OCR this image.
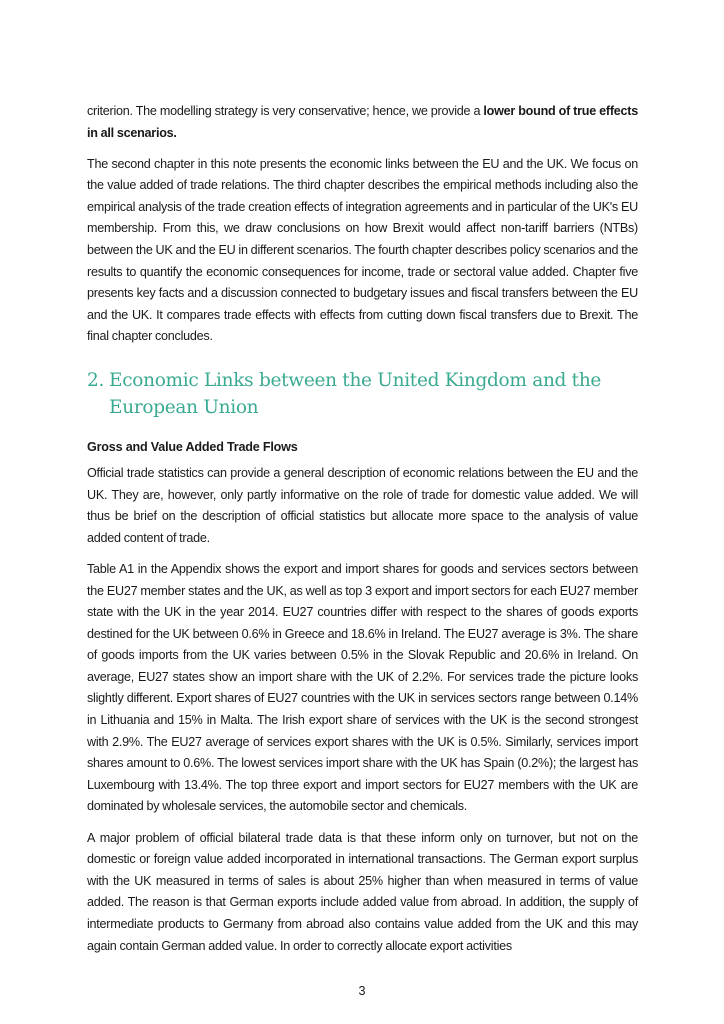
criterion. The modelling strategy is very conservative; hence, we provide a lower bound of true effects in all scenarios.

The second chapter in this note presents the economic links between the EU and the UK. We focus on the value added of trade relations. The third chapter describes the empirical methods including also the empirical analysis of the trade creation effects of integration agreements and in particular of the UK's EU membership. From this, we draw conclusions on how Brexit would affect non-tariff barriers (NTBs) between the UK and the EU in different scenarios. The fourth chapter describes policy scenarios and the results to quantify the economic consequences for income, trade or sectoral value added. Chapter five presents key facts and a discussion connected to budgetary issues and fiscal transfers between the EU and the UK. It compares trade effects with effects from cutting down fiscal transfers due to Brexit. The final chapter concludes.

2. Economic Links between the United Kingdom and the European Union
Gross and Value Added Trade Flows

Official trade statistics can provide a general description of economic relations between the EU and the UK. They are, however, only partly informative on the role of trade for domestic value added. We will thus be brief on the description of official statistics but allocate more space to the analysis of value added content of trade.

Table A1 in the Appendix shows the export and import shares for goods and services sectors between the EU27 member states and the UK, as well as top 3 export and import sectors for each EU27 member state with the UK in the year 2014. EU27 countries differ with respect to the shares of goods exports destined for the UK between 0.6% in Greece and 18.6% in Ireland. The EU27 average is 3%. The share of goods imports from the UK varies between 0.5% in the Slovak Republic and 20.6% in Ireland. On average, EU27 states show an import share with the UK of 2.2%. For services trade the picture looks slightly different. Export shares of EU27 countries with the UK in services sectors range between 0.14% in Lithuania and 15% in Malta. The Irish export share of services with the UK is the second strongest with 2.9%. The EU27 average of services export shares with the UK is 0.5%. Similarly, services import shares amount to 0.6%. The lowest services import share with the UK has Spain (0.2%); the largest has Luxembourg with 13.4%. The top three export and import sectors for EU27 members with the UK are dominated by wholesale services, the automobile sector and chemicals.

A major problem of official bilateral trade data is that these inform only on turnover, but not on the domestic or foreign value added incorporated in international transactions. The German export surplus with the UK measured in terms of sales is about 25% higher than when measured in terms of value added. The reason is that German exports include added value from abroad. In addition, the supply of intermediate products to Germany from abroad also contains value added from the UK and this may again contain German added value. In order to correctly allocate export activities

3
